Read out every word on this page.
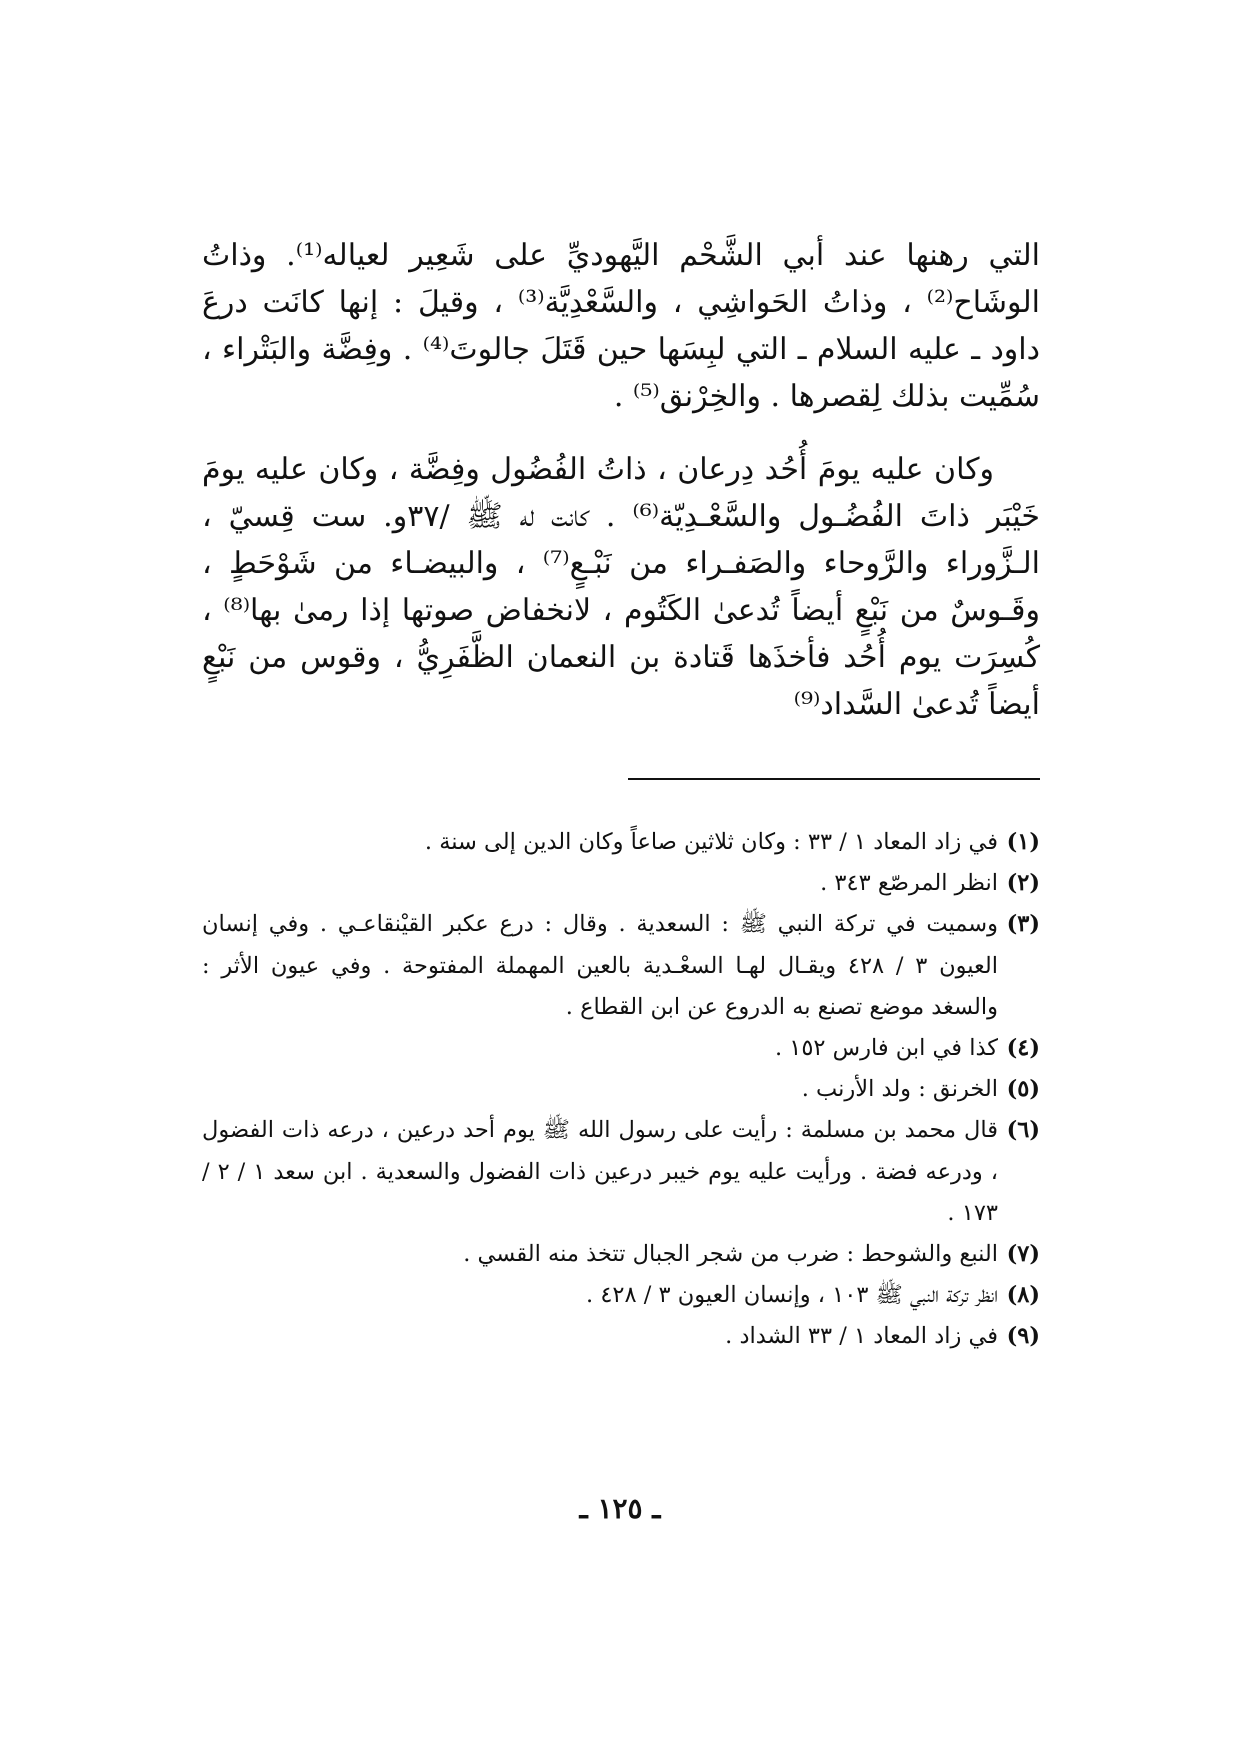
التي رهنها عند أبي الشَّحْم اليَّهوديِّ على شَعِير لعياله⁽¹⁾. وذاتُ الوشَاح⁽²⁾ ، وذاتُ الحَواشِي ، والسَّعْدِيَّة⁽³⁾ ، وقيلَ : إنها كانَت درعَ داود ـ عليه السلام ـ التي لبِسَها حين قَتَلَ جالوتَ⁽⁴⁾ . وفِضَّة والبَتْراء ، سُمِّيت بذلك لِقصرها . والخِرْنق⁽⁵⁾ .

وكان عليه يومَ أُحُد دِرعان ، ذاتُ الفُضُول وفِضَّة ، وكان عليه يومَ خَيْبَر ذاتَ الفُضُـول والسَّعْـدِيّة⁽⁶⁾ . كانت له ﷺ /٣٧و. ست قِسيّ ، الـزَّوراء والرَّوحاء والصَفـراء من نَبْـعٍ⁽⁷⁾ ، والبيضـاء من شَوْحَطٍ ، وقَـوسٌ من نَبْعٍ أيضاً تُدعىٰ الكَتُوم ، لانخفاض صوتها إذا رمىٰ بها⁽⁸⁾ ، كُسِرَت يوم أُحُد فأخذَها قَتادة بن النعمان الظَّفَرِيُّ ، وقوس من نَبْعٍ أيضاً تُدعىٰ السَّداد⁽⁹⁾

(١)
في زاد المعاد ١ / ٣٣ : وكان ثلاثين صاعاً وكان الدين إلى سنة .
(٢)
انظر المرصّع ٣٤٣ .
(٣)
وسميت في تركة النبي ﷺ : السعدية . وقال : درع عكبر القيْنقاعـي . وفي إنسان العيون ٣ / ٤٢٨ ويقـال لهـا السعْـدية بالعين المهملة المفتوحة . وفي عيون الأثر : والسغد موضع تصنع به الدروع عن ابن القطاع .
(٤)
كذا في ابن فارس ١٥٢ .
(٥)
الخرنق : ولد الأرنب .
(٦)
قال محمد بن مسلمة : رأيت على رسول الله ﷺ يوم أحد درعين ، درعه ذات الفضول ، ودرعه فضة . ورأيت عليه يوم خيبر درعين ذات الفضول والسعدية . ابن سعد ١ / ٢ / ١٧٣ .
(٧)
النبع والشوحط : ضرب من شجر الجبال تتخذ منه القسي .
(٨)
انظر تركة النبي ﷺ ١٠٣ ، وإنسان العيون ٣ / ٤٢٨ .
(٩)
في زاد المعاد ١ / ٣٣ الشداد .
ـ ١٢٥ ـ
